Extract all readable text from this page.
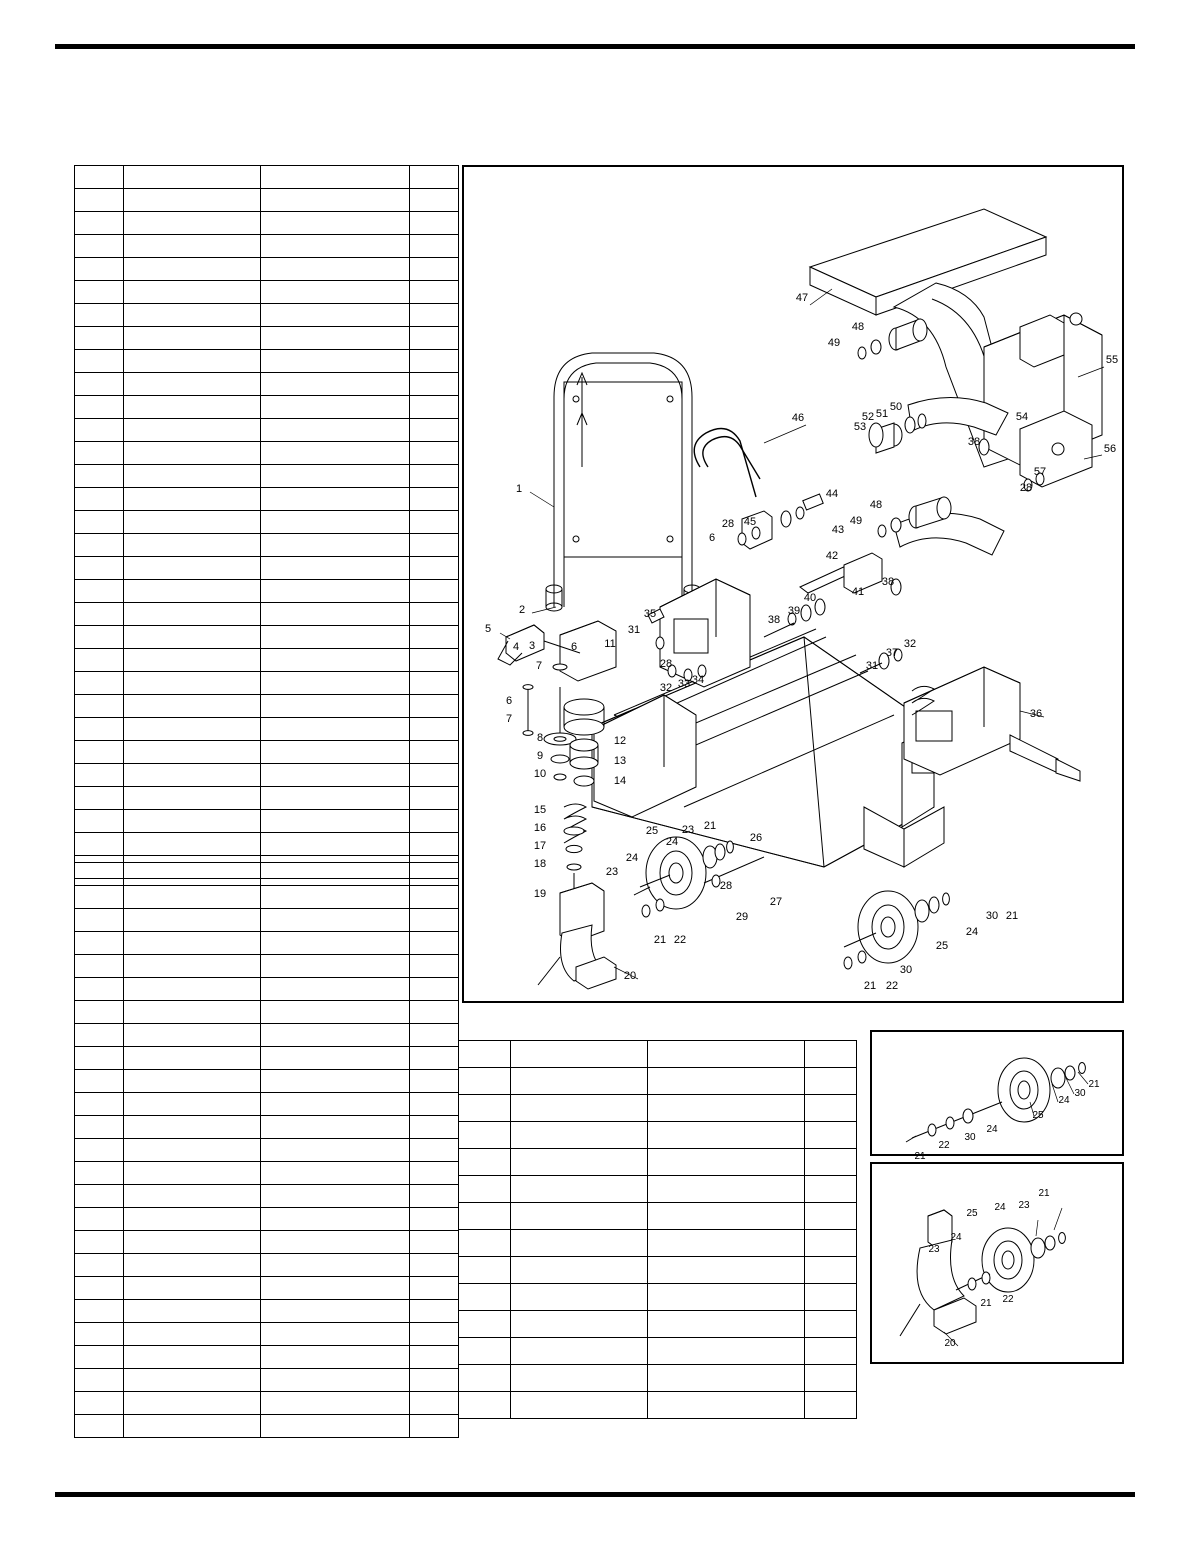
1
2
3
4
5
6
7
6
7
8
9
10
11
12
13
14
15
16
17
18
19
20
21 22
23
24
25 23
24
21
26
27
28
29
21 22
30
25
24
30 21
31
32 33 34
35
28
36
37
31
32
38
39
40	41
38
42
43
44
45
28
6
46
47
48
49
48
49
50
51
52
53
54
55
56
57
28
38
21
30
24
25
24
30
22
21
21
23
24
25
24
23
21 22
20
